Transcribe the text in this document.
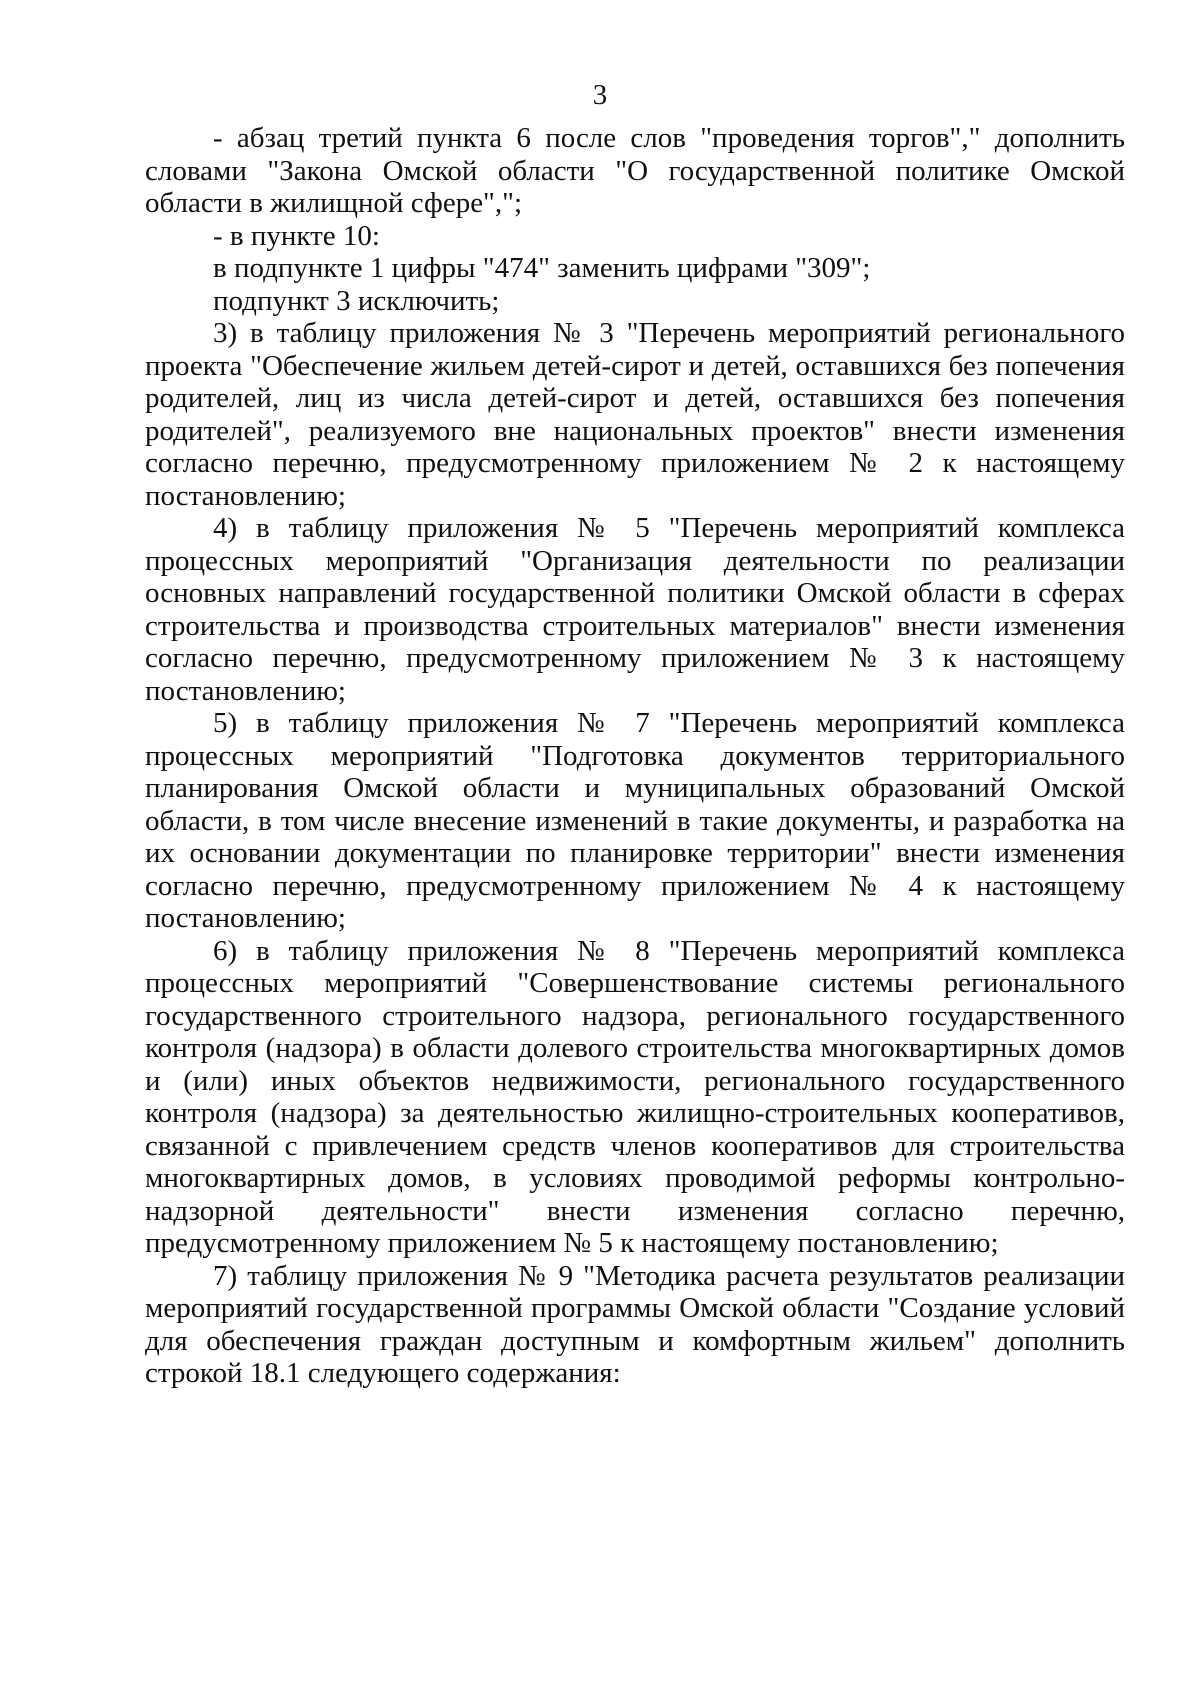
3

- абзац третий пункта 6 после слов "проведения торгов"," дополнить словами "Закона Омской области "О государственной политике Омской области в жилищной сфере",";

- в пункте 10:

в подпункте 1 цифры "474" заменить цифрами "309";

подпункт 3 исключить;

3) в таблицу приложения № 3 "Перечень мероприятий регионального проекта "Обеспечение жильем детей-сирот и детей, оставшихся без попечения родителей, лиц из числа детей-сирот и детей, оставшихся без попечения родителей", реализуемого вне национальных проектов" внести изменения согласно перечню, предусмотренному приложением № 2 к настоящему постановлению;

4) в таблицу приложения № 5 "Перечень мероприятий комплекса процессных мероприятий "Организация деятельности по реализации основных направлений государственной политики Омской области в сферах строительства и производства строительных материалов" внести изменения согласно перечню, предусмотренному приложением № 3 к настоящему постановлению;

5) в таблицу приложения № 7 "Перечень мероприятий комплекса процессных мероприятий "Подготовка документов территориального планирования Омской области и муниципальных образований Омской области, в том числе внесение изменений в такие документы, и разработка на их основании документации по планировке территории" внести изменения согласно перечню, предусмотренному приложением № 4 к настоящему постановлению;

6) в таблицу приложения № 8 "Перечень мероприятий комплекса процессных мероприятий "Совершенствование системы регионального государственного строительного надзора, регионального государственного контроля (надзора) в области долевого строительства многоквартирных домов и (или) иных объектов недвижимости, регионального государственного контроля (надзора) за деятельностью жилищно-строительных кооперативов, связанной с привлечением средств членов кооперативов для строительства многоквартирных домов, в условиях проводимой реформы контрольно-надзорной деятельности" внести изменения согласно перечню, предусмотренному приложением № 5 к настоящему постановлению;

7) таблицу приложения № 9 "Методика расчета результатов реализации мероприятий государственной программы Омской области "Создание условий для обеспечения граждан доступным и комфортным жильем" дополнить строкой 18.1 следующего содержания:
